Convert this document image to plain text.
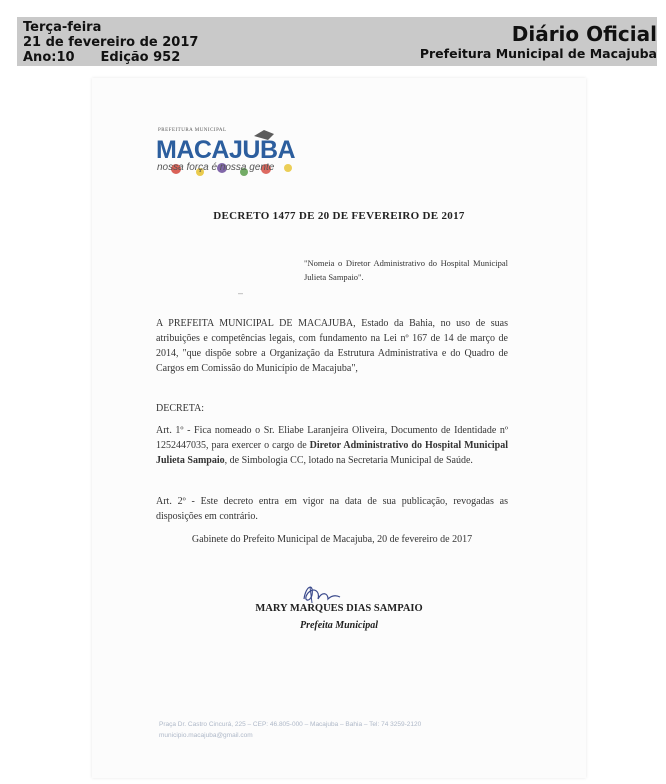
Terça-feira
21 de fevereiro de 2017
Ano:10 Edição 952
Diário Oficial
Prefeitura Municipal de Macajuba
PREFEITURA MUNICIPAL
MACAJUBA
nossa força é nossa gente
DECRETO 1477 DE 20 DE FEVEREIRO DE 2017
"Nomeia o Diretor Administrativo do Hospital Municipal Julieta Sampaio".
–
A PREFEITA MUNICIPAL DE MACAJUBA, Estado da Bahia, no uso de suas atribuições e competências legais, com fundamento na Lei nº 167 de 14 de março de 2014, "que dispõe sobre a Organização da Estrutura Administrativa e do Quadro de Cargos em Comissão do Município de Macajuba",
DECRETA:
Art. 1º - Fica nomeado o Sr. Eliabe Laranjeira Oliveira, Documento de Identidade nº 1252447035, para exercer o cargo de Diretor Administrativo do Hospital Municipal Julieta Sampaio, de Simbologia CC, lotado na Secretaria Municipal de Saúde.
Art. 2º - Este decreto entra em vigor na data de sua publicação, revogadas as disposições em contrário.
Gabinete do Prefeito Municipal de Macajuba, 20 de fevereiro de 2017
MARY MARQUES DIAS SAMPAIO
Prefeita Municipal
Praça Dr. Castro Cincurá, 225 – CEP: 46.805-000 – Macajuba – Bahia – Tel: 74 3259-2120
municipio.macajuba@gmail.com
